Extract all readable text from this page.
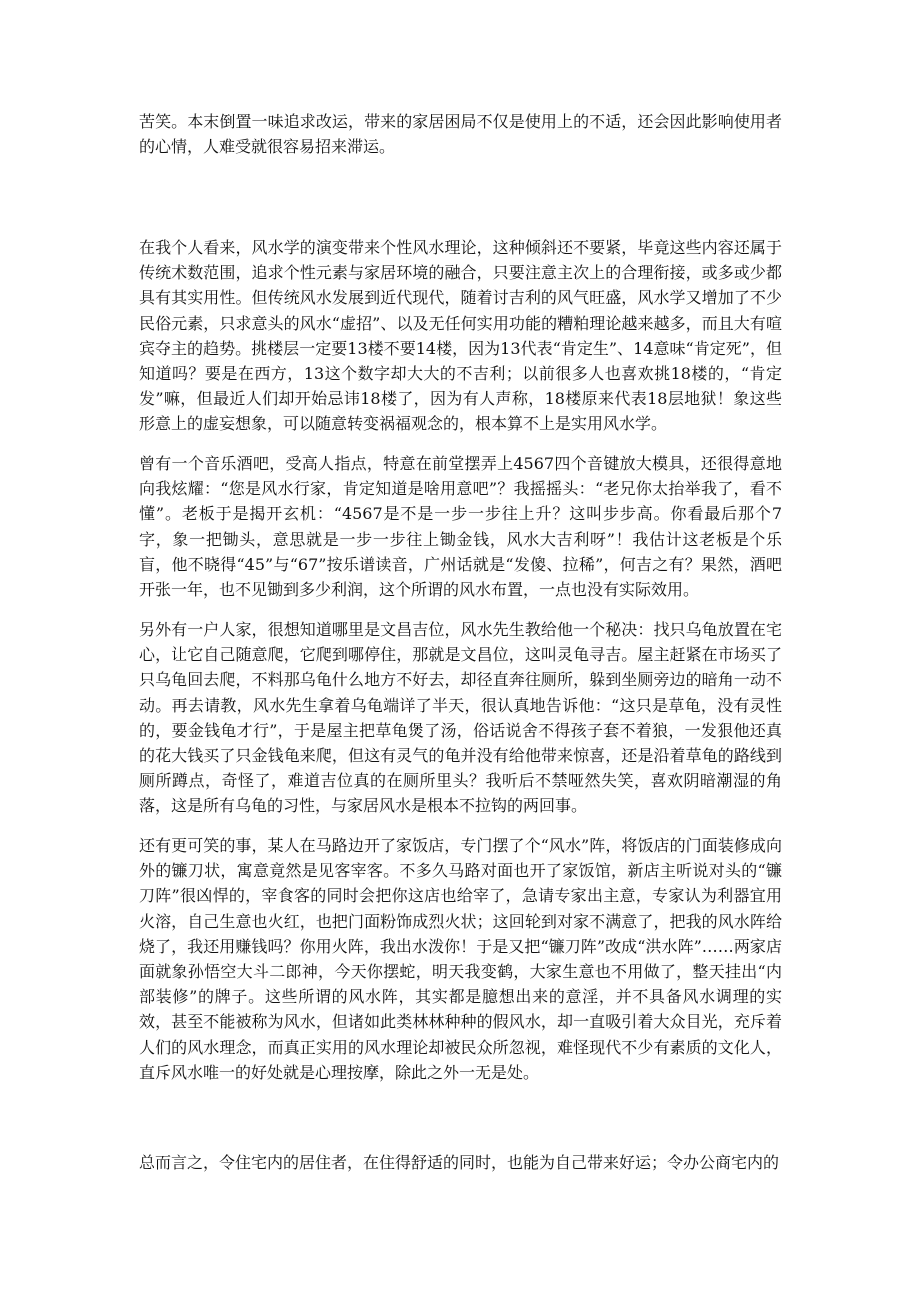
苦笑。本末倒置一味追求改运，带来的家居困局不仅是使用上的不适，还会因此影响使用者的心情，人难受就很容易招来滞运。

在我个人看来，风水学的演变带来个性风水理论，这种倾斜还不要紧，毕竟这些内容还属于传统术数范围，追求个性元素与家居环境的融合，只要注意主次上的合理衔接，或多或少都具有其实用性。但传统风水发展到近代现代，随着讨吉利的风气旺盛，风水学又增加了不少民俗元素，只求意头的风水“虚招”、以及无任何实用功能的糟粕理论越来越多，而且大有喧宾夺主的趋势。挑楼层一定要13楼不要14楼，因为13代表“肯定生”、14意味“肯定死”，但知道吗？要是在西方，13这个数字却大大的不吉利；以前很多人也喜欢挑18楼的，“肯定发”嘛，但最近人们却开始忌讳18楼了，因为有人声称，18楼原来代表18层地狱！象这些形意上的虚妄想象，可以随意转变祸福观念的，根本算不上是实用风水学。

曾有一个音乐酒吧，受高人指点，特意在前堂摆弄上4567四个音键放大模具，还很得意地向我炫耀：“您是风水行家，肯定知道是啥用意吧”？我摇摇头：“老兄你太抬举我了，看不懂”。老板于是揭开玄机：“4567是不是一步一步往上升？这叫步步高。你看最后那个7字，象一把锄头，意思就是一步一步往上锄金钱，风水大吉利呀”！我估计这老板是个乐盲，他不晓得“45”与“67”按乐谱读音，广州话就是“发傻、拉稀”，何吉之有？果然，酒吧开张一年，也不见锄到多少利润，这个所谓的风水布置，一点也没有实际效用。

另外有一户人家，很想知道哪里是文昌吉位，风水先生教给他一个秘决：找只乌龟放置在宅心，让它自己随意爬，它爬到哪停住，那就是文昌位，这叫灵龟寻吉。屋主赶紧在市场买了只乌龟回去爬，不料那乌龟什么地方不好去，却径直奔往厕所，躲到坐厕旁边的暗角一动不动。再去请教，风水先生拿着乌龟端详了半天，很认真地告诉他：“这只是草龟，没有灵性的，要金钱龟才行”，于是屋主把草龟煲了汤，俗话说舍不得孩子套不着狼，一发狠他还真的花大钱买了只金钱龟来爬，但这有灵气的龟并没有给他带来惊喜，还是沿着草龟的路线到厕所蹲点，奇怪了，难道吉位真的在厕所里头？我听后不禁哑然失笑，喜欢阴暗潮湿的角落，这是所有乌龟的习性，与家居风水是根本不拉钩的两回事。

还有更可笑的事，某人在马路边开了家饭店，专门摆了个“风水”阵，将饭店的门面装修成向外的镰刀状，寓意竟然是见客宰客。不多久马路对面也开了家饭馆，新店主听说对头的“镰刀阵”很凶悍的，宰食客的同时会把你这店也给宰了，急请专家出主意，专家认为利器宜用火溶，自己生意也火红，也把门面粉饰成烈火状；这回轮到对家不满意了，把我的风水阵给烧了，我还用赚钱吗？你用火阵，我出水泼你！于是又把“镰刀阵”改成“洪水阵”……两家店面就象孙悟空大斗二郎神，今天你摆蛇，明天我变鹤，大家生意也不用做了，整天挂出“内部装修”的牌子。这些所谓的风水阵，其实都是臆想出来的意淫，并不具备风水调理的实效，甚至不能被称为风水，但诸如此类林林种种的假风水，却一直吸引着大众目光，充斥着人们的风水理念，而真正实用的风水理论却被民众所忽视，难怪现代不少有素质的文化人，直斥风水唯一的好处就是心理按摩，除此之外一无是处。

总而言之，令住宅内的居住者，在住得舒适的同时，也能为自己带来好运；令办公商宅内的
